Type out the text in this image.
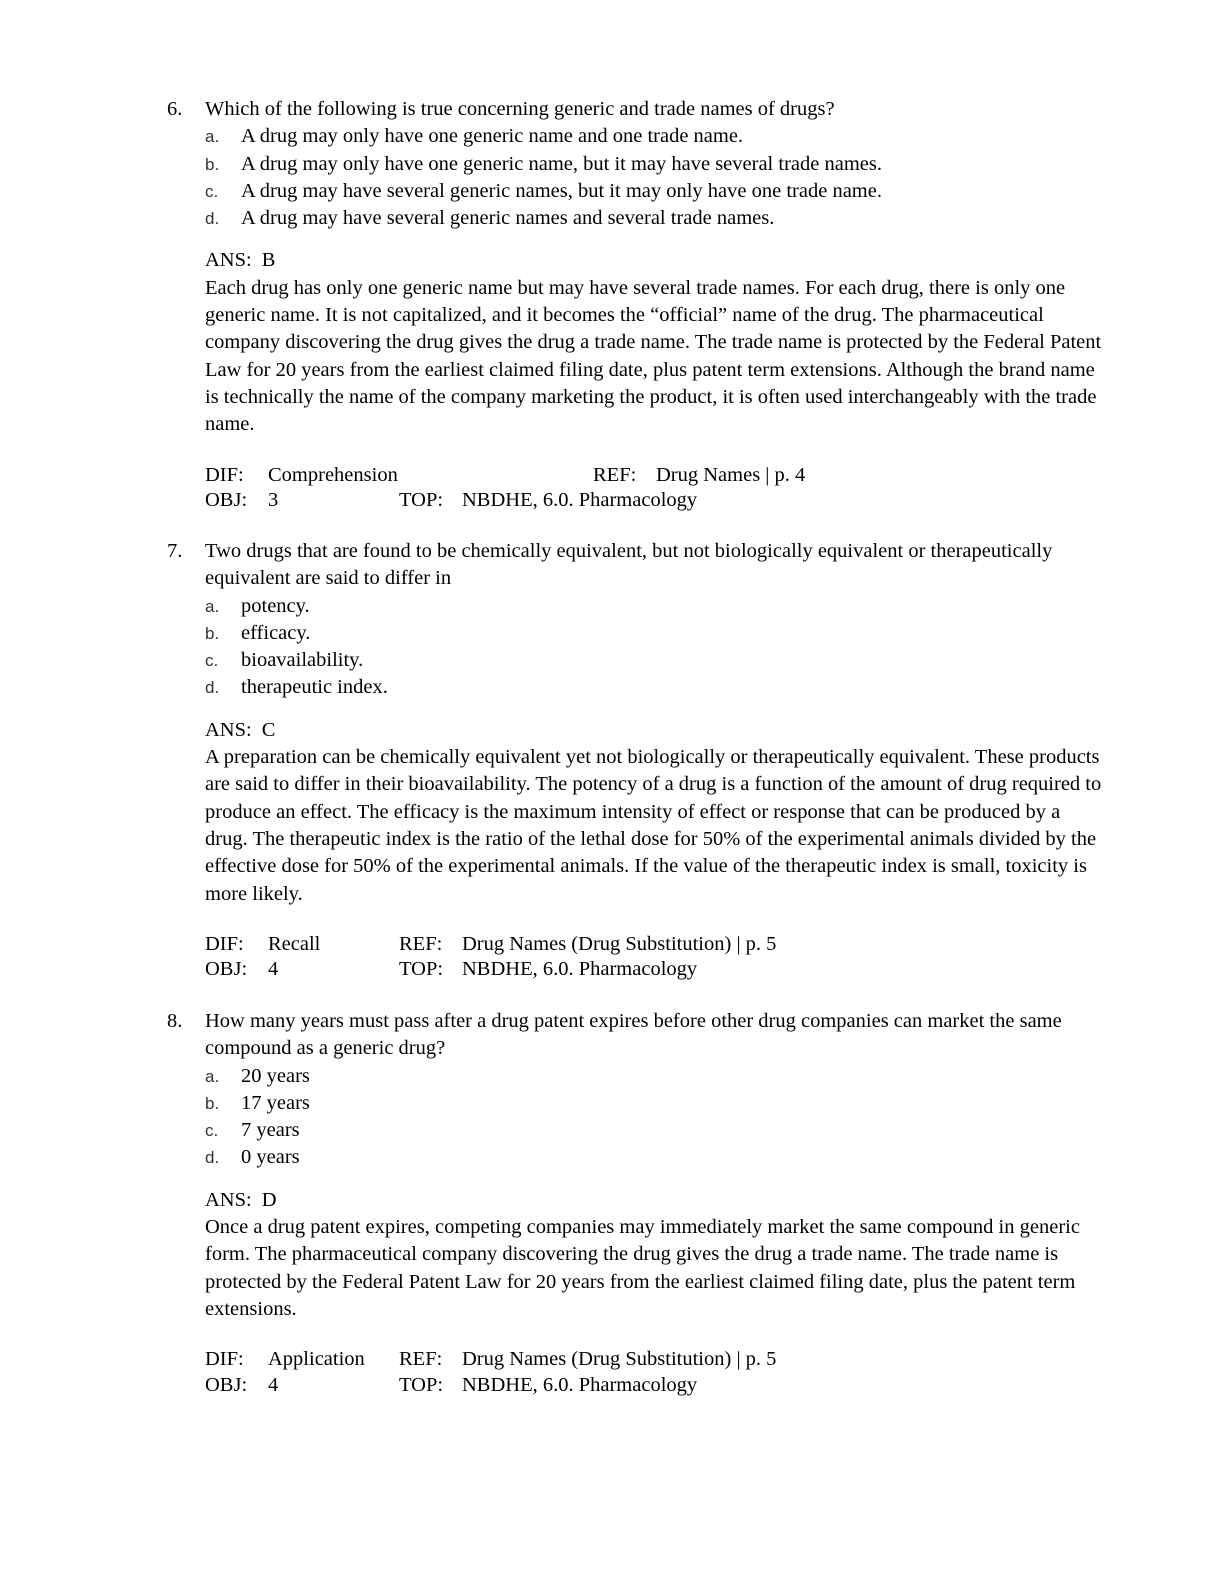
6.	Which of the following is true concerning generic and trade names of drugs?
a.	A drug may only have one generic name and one trade name.
b.	A drug may only have one generic name, but it may have several trade names.
c.	A drug may have several generic names, but it may only have one trade name.
d.	A drug may have several generic names and several trade names.
ANS: B

Each drug has only one generic name but may have several trade names. For each drug, there is only one generic name. It is not capitalized, and it becomes the “official” name of the drug. The pharmaceutical company discovering the drug gives the drug a trade name. The trade name is protected by the Federal Patent Law for 20 years from the earliest claimed filing date, plus patent term extensions. Although the brand name is technically the name of the company marketing the product, it is often used interchangeably with the trade name.

DIF:	Comprehension	REF: Drug Names | p. 4
OBJ:	3	TOP: NBDHE, 6.0. Pharmacology
7.	Two drugs that are found to be chemically equivalent, but not biologically equivalent or therapeutically equivalent are said to differ in
a.	potency.
b.	efficacy.
c.	bioavailability.
d.	therapeutic index.
ANS: C

A preparation can be chemically equivalent yet not biologically or therapeutically equivalent. These products are said to differ in their bioavailability. The potency of a drug is a function of the amount of drug required to produce an effect. The efficacy is the maximum intensity of effect or response that can be produced by a drug. The therapeutic index is the ratio of the lethal dose for 50% of the experimental animals divided by the effective dose for 50% of the experimental animals. If the value of the therapeutic index is small, toxicity is more likely.

DIF:	Recall	REF: Drug Names (Drug Substitution) | p. 5
OBJ:	4	TOP: NBDHE, 6.0. Pharmacology
8.	How many years must pass after a drug patent expires before other drug companies can market the same compound as a generic drug?
a.	20 years
b.	17 years
c.	7 years
d.	0 years
ANS: D

Once a drug patent expires, competing companies may immediately market the same compound in generic form. The pharmaceutical company discovering the drug gives the drug a trade name. The trade name is protected by the Federal Patent Law for 20 years from the earliest claimed filing date, plus the patent term extensions.

DIF:	Application	REF: Drug Names (Drug Substitution) | p. 5
OBJ:	4	TOP: NBDHE, 6.0. Pharmacology
